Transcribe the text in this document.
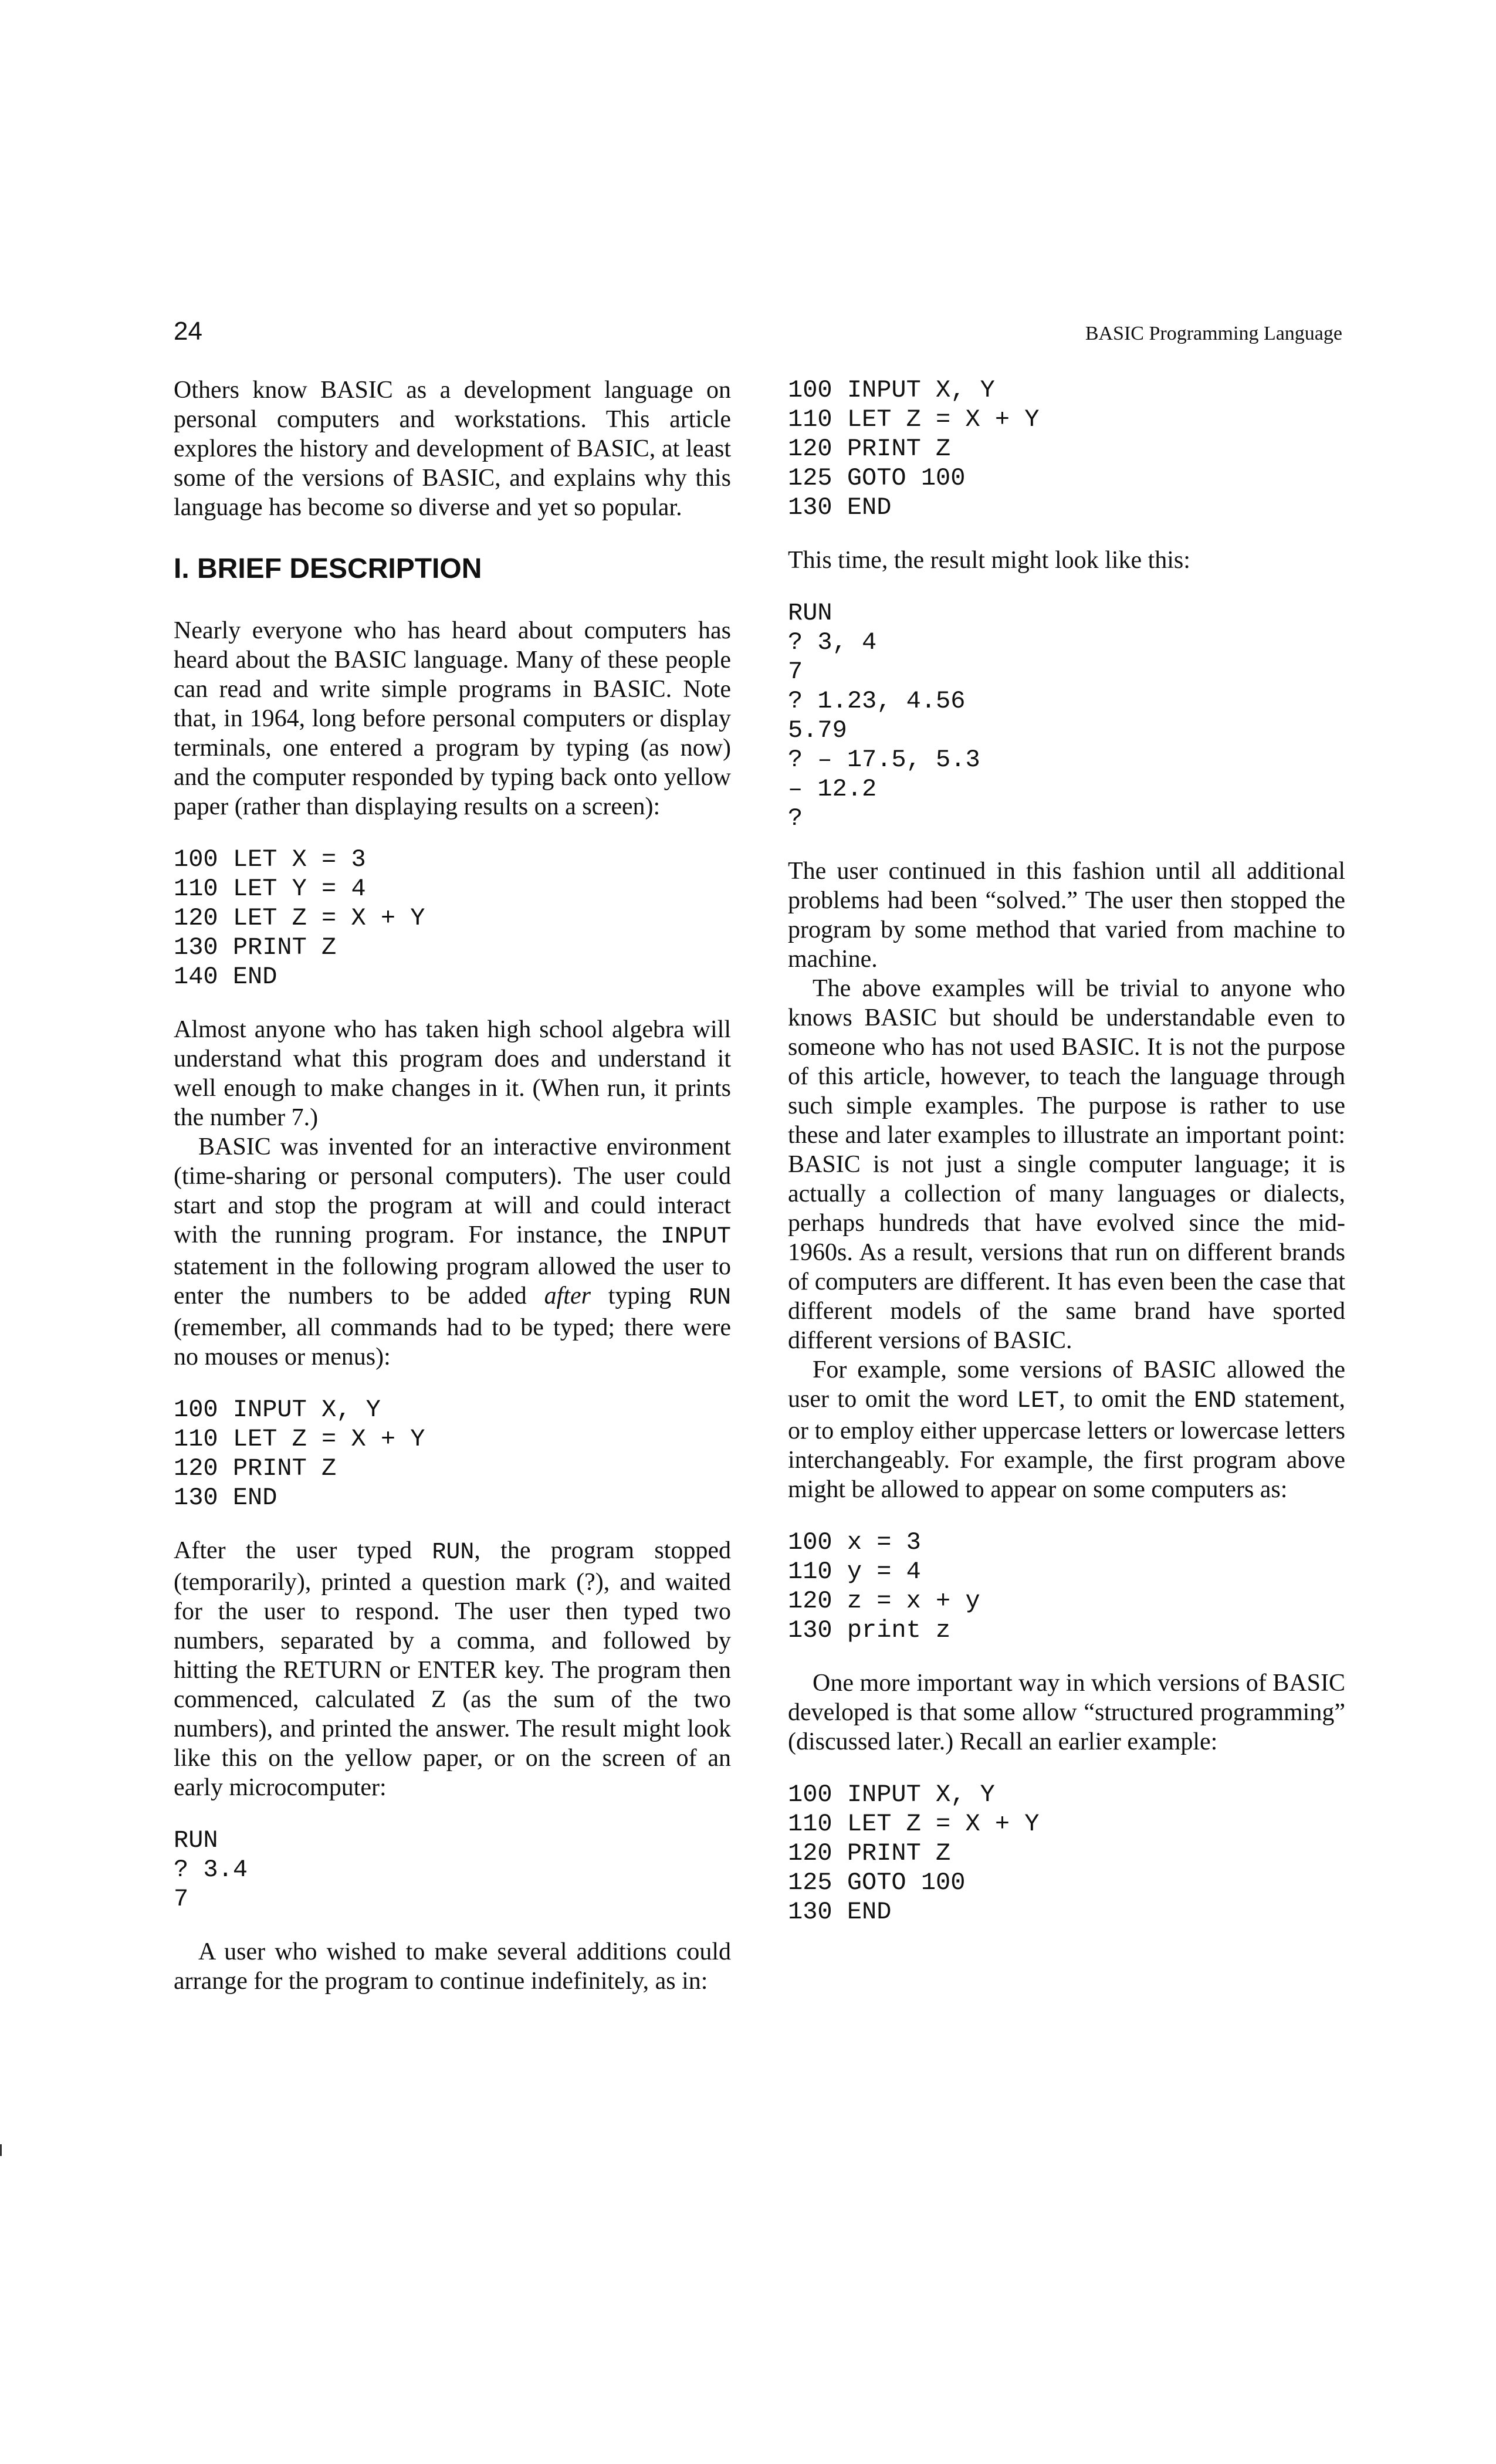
24	BASIC Programming Language

Others know BASIC as a development language on personal computers and workstations. This article explores the history and development of BASIC, at least some of the versions of BASIC, and explains why this language has become so diverse and yet so popular.

I. BRIEF DESCRIPTION

Nearly everyone who has heard about computers has heard about the BASIC language. Many of these people can read and write simple programs in BASIC. Note that, in 1964, long before personal computers or display terminals, one entered a program by typing (as now) and the computer responded by typing back onto yellow paper (rather than displaying results on a screen):

100 LET X = 3
110 LET Y = 4
120 LET Z = X + Y
130 PRINT Z
140 END

Almost anyone who has taken high school algebra will understand what this program does and understand it well enough to make changes in it. (When run, it prints the number 7.)

BASIC was invented for an interactive environment (time-sharing or personal computers). The user could start and stop the program at will and could interact with the running program. For instance, the INPUT statement in the following program allowed the user to enter the numbers to be added after typing RUN (remember, all commands had to be typed; there were no mouses or menus):

100 INPUT X, Y
110 LET Z = X + Y
120 PRINT Z
130 END

After the user typed RUN, the program stopped (temporarily), printed a question mark (?), and waited for the user to respond. The user then typed two numbers, separated by a comma, and followed by hitting the RETURN or ENTER key. The program then commenced, calculated Z (as the sum of the two numbers), and printed the answer. The result might look like this on the yellow paper, or on the screen of an early microcomputer:

RUN
? 3.4
7

A user who wished to make several additions could arrange for the program to continue indefinitely, as in:

100 INPUT X, Y
110 LET Z = X + Y
120 PRINT Z
125 GOTO 100
130 END

This time, the result might look like this:

RUN
? 3, 4
7
? 1.23, 4.56
5.79
? – 17.5, 5.3
– 12.2
?

The user continued in this fashion until all additional problems had been “solved.” The user then stopped the program by some method that varied from machine to machine.

The above examples will be trivial to anyone who knows BASIC but should be understandable even to someone who has not used BASIC. It is not the purpose of this article, however, to teach the language through such simple examples. The purpose is rather to use these and later examples to illustrate an important point: BASIC is not just a single computer language; it is actually a collection of many languages or dialects, perhaps hundreds that have evolved since the mid-1960s. As a result, versions that run on different brands of computers are different. It has even been the case that different models of the same brand have sported different versions of BASIC.

For example, some versions of BASIC allowed the user to omit the word LET, to omit the END statement, or to employ either uppercase letters or lowercase letters interchangeably. For example, the first program above might be allowed to appear on some computers as:

100 x = 3
110 y = 4
120 z = x + y
130 print z

One more important way in which versions of BASIC developed is that some allow “structured programming” (discussed later.) Recall an earlier example:

100 INPUT X, Y
110 LET Z = X + Y
120 PRINT Z
125 GOTO 100
130 END
